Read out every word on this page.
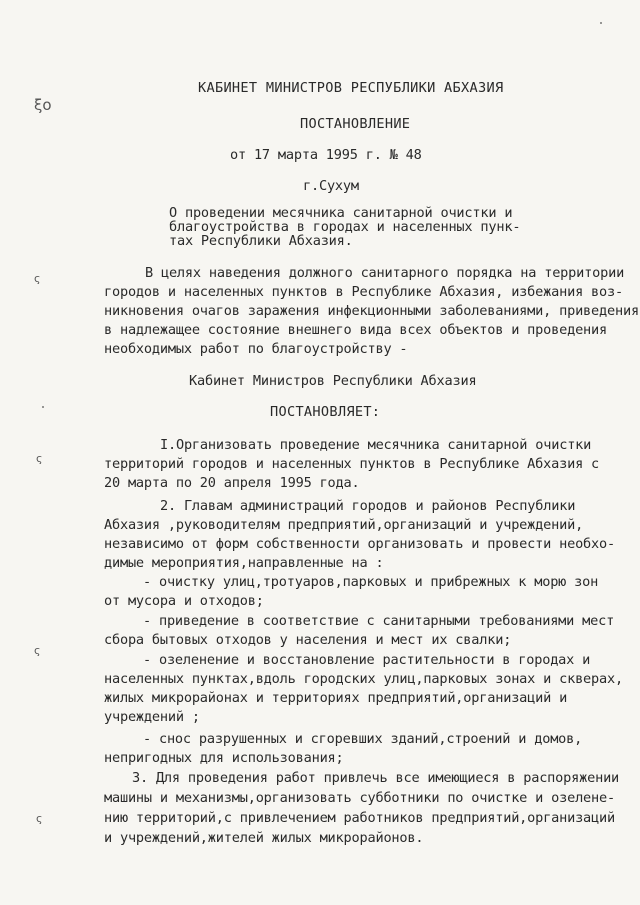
ξo
ς
ς
ς
ς
КАБИНЕТ МИНИСТРОВ РЕСПУБЛИКИ АБХАЗИЯ
ПОСТАНОВЛЕНИЕ
от 17 марта 1995 г. № 48
г.Сухум
О проведении месячника санитарной очистки и
благоустройства в городах и населенных пунк-
тах Республики Абхазия.
В целях наведения должного санитарного порядка на территории
городов и населенных пунктов в Республике Абхазия, избежания воз-
никновения очагов заражения инфекционными заболеваниями, приведения
в надлежащее состояние внешнего вида всех объектов и проведения
необходимых работ по благоустройству -
Кабинет Министров Республики Абхазия
ПОСТАНОВЛЯЕТ:
I.Организовать проведение месячника санитарной очистки
территорий городов и населенных пунктов в Республике Абхазия с
20 марта по 20 апреля 1995 года.
2. Главам администраций городов и районов Республики
Абхазия ,руководителям предприятий,организаций и учреждений,
независимо от форм собственности организовать и провести необхо-
димые мероприятия,направленные на :
- очистку улиц,тротуаров,парковых и прибрежных к морю зон
от мусора и отходов;
- приведение в соответствие с санитарными требованиями мест
сбора бытовых отходов у населения и мест их свалки;
- озеленение и восстановление растительности в городах и
населенных пунктах,вдоль городских улиц,парковых зонах и скверах,
жилых микрорайонах и территориях предприятий,организаций и
учреждений ;
- снос разрушенных и сгоревших зданий,строений и домов,
непригодных для использования;
3. Для проведения работ привлечь все имеющиеся в распоряжении
машины и механизмы,организовать субботники по очистке и озелене-
нию территорий,с привлечением работников предприятий,организаций
и учреждений,жителей жилых микрорайонов.
